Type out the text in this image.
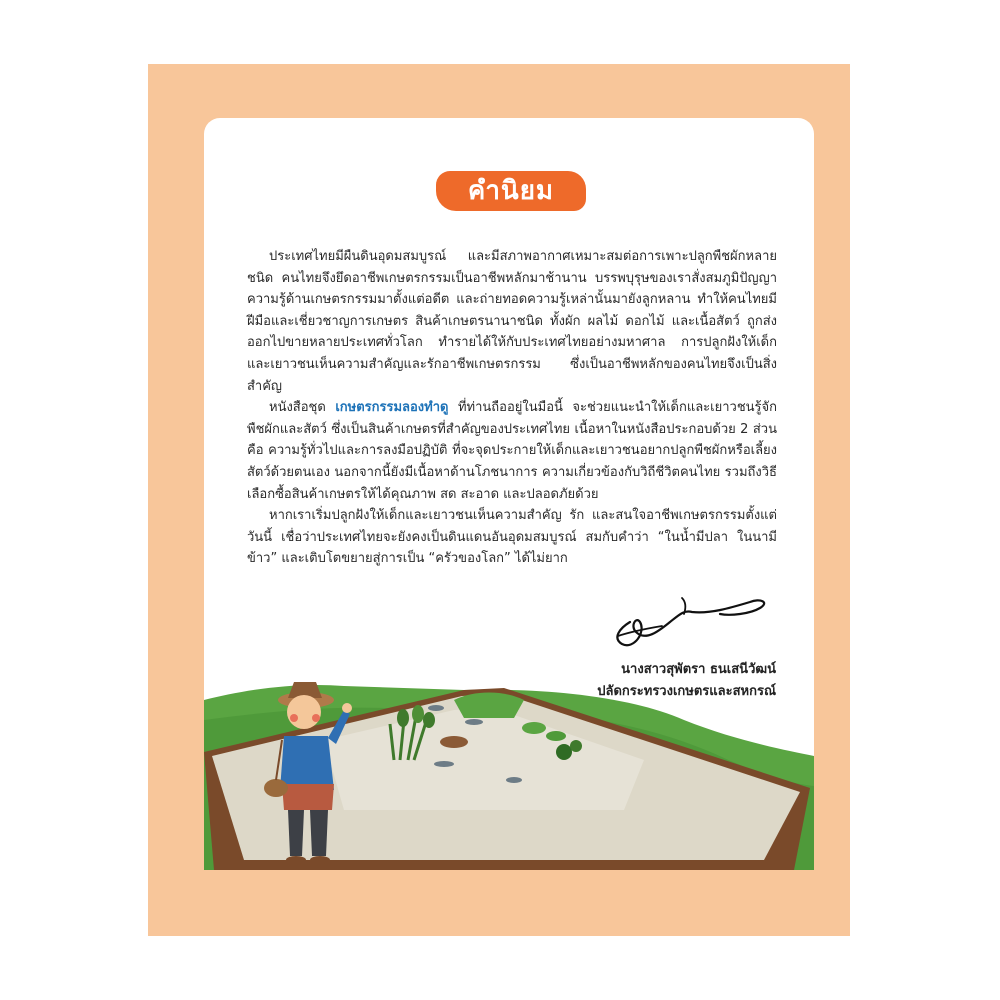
คำนิยม

ประเทศไทยมีผืนดินอุดมสมบูรณ์ และมีสภาพอากาศเหมาะสมต่อการเพาะปลูกพืชผักหลายชนิด คนไทยจึงยึดอาชีพเกษตรกรรมเป็นอาชีพหลักมาช้านาน บรรพบุรุษของเราสั่งสมภูมิปัญญาความรู้ด้านเกษตรกรรมมาตั้งแต่อดีต และถ่ายทอดความรู้เหล่านั้นมายังลูกหลาน ทำให้คนไทยมีฝีมือและเชี่ยวชาญการเกษตร สินค้าเกษตรนานาชนิด ทั้งผัก ผลไม้ ดอกไม้ และเนื้อสัตว์ ถูกส่งออกไปขายหลายประเทศทั่วโลก ทำรายได้ให้กับประเทศไทยอย่างมหาศาล การปลูกฝังให้เด็กและเยาวชนเห็นความสำคัญและรักอาชีพเกษตรกรรม ซึ่งเป็นอาชีพหลักของคนไทยจึงเป็นสิ่งสำคัญ

หนังสือชุด เกษตรกรรมลองทำดู ที่ท่านถืออยู่ในมือนี้ จะช่วยแนะนำให้เด็กและเยาวชนรู้จักพืชผักและสัตว์ ซึ่งเป็นสินค้าเกษตรที่สำคัญของประเทศไทย เนื้อหาในหนังสือประกอบด้วย 2 ส่วน คือ ความรู้ทั่วไปและการลงมือปฏิบัติ ที่จะจุดประกายให้เด็กและเยาวชนอยากปลูกพืชผักหรือเลี้ยงสัตว์ด้วยตนเอง นอกจากนี้ยังมีเนื้อหาด้านโภชนาการ ความเกี่ยวข้องกับวิถีชีวิตคนไทย รวมถึงวิธีเลือกซื้อสินค้าเกษตรให้ได้คุณภาพ สด สะอาด และปลอดภัยด้วย

หากเราเริ่มปลูกฝังให้เด็กและเยาวชนเห็นความสำคัญ รัก และสนใจอาชีพเกษตรกรรมตั้งแต่วันนี้ เชื่อว่าประเทศไทยจะยังคงเป็นดินแดนอันอุดมสมบูรณ์ สมกับคำว่า “ในน้ำมีปลา ในนามีข้าว” และเติบโตขยายสู่การเป็น “ครัวของโลก” ได้ไม่ยาก

นางสาวสุพัตรา ธนเสนีวัฒน์
ปลัดกระทรวงเกษตรและสหกรณ์
